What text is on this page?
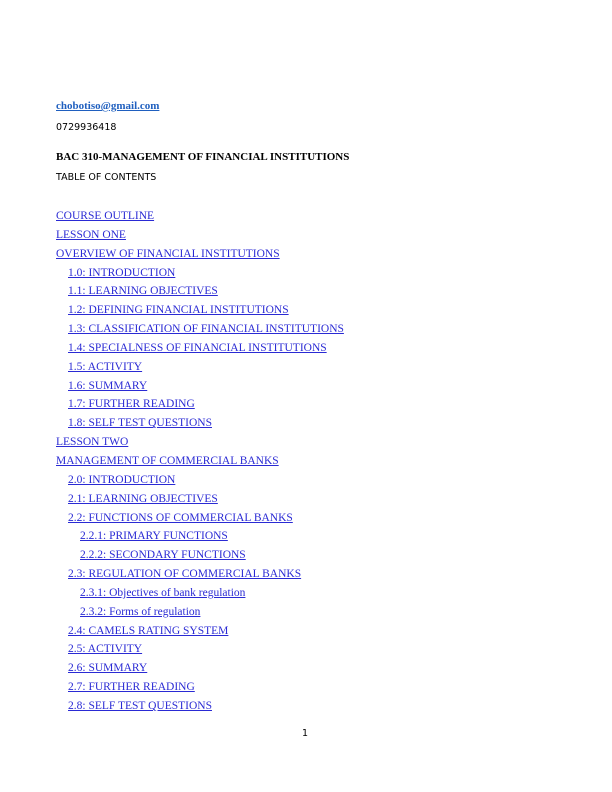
chobotiso@gmail.com
0729936418
BAC 310-MANAGEMENT OF FINANCIAL INSTITUTIONS
TABLE OF CONTENTS
COURSE OUTLINE
LESSON ONE
OVERVIEW OF FINANCIAL INSTITUTIONS
1.0: INTRODUCTION
1.1: LEARNING OBJECTIVES
1.2: DEFINING FINANCIAL INSTITUTIONS
1.3: CLASSIFICATION OF FINANCIAL INSTITUTIONS
1.4: SPECIALNESS OF FINANCIAL INSTITUTIONS
1.5: ACTIVITY
1.6: SUMMARY
1.7: FURTHER READING
1.8: SELF TEST QUESTIONS
LESSON TWO
MANAGEMENT OF COMMERCIAL BANKS
2.0: INTRODUCTION
2.1: LEARNING OBJECTIVES
2.2: FUNCTIONS OF COMMERCIAL BANKS
2.2.1: PRIMARY FUNCTIONS
2.2.2: SECONDARY FUNCTIONS
2.3: REGULATION OF COMMERCIAL BANKS
2.3.1: Objectives of bank regulation
2.3.2: Forms of regulation
2.4: CAMELS RATING SYSTEM
2.5: ACTIVITY
2.6: SUMMARY
2.7: FURTHER READING
2.8: SELF TEST QUESTIONS
1
